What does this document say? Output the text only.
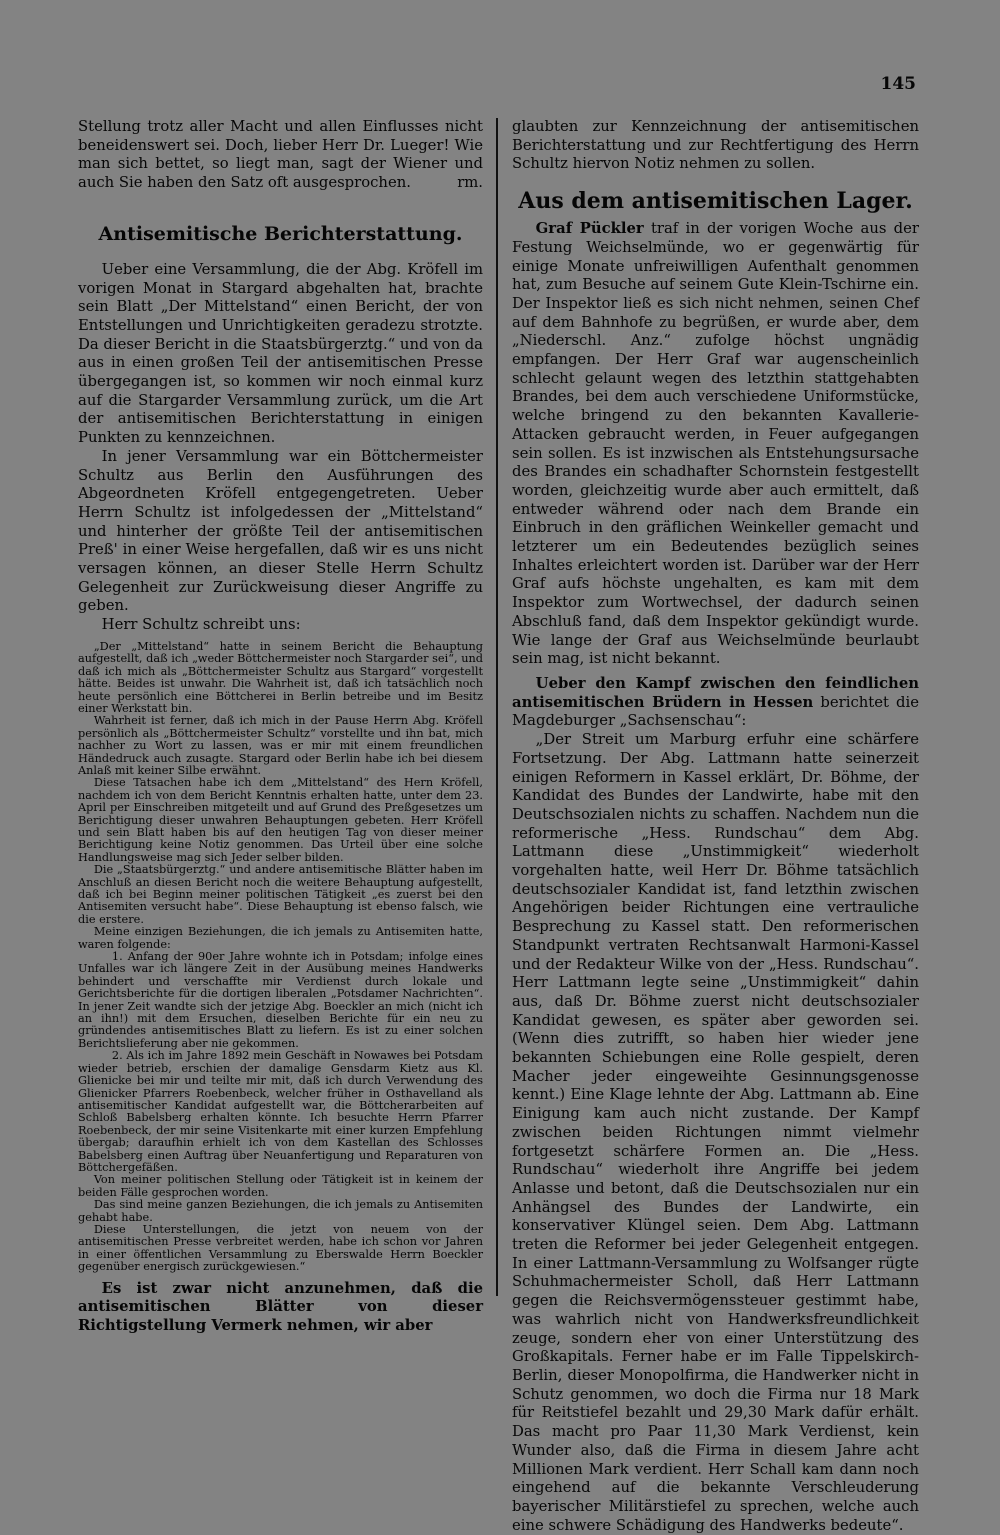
145

Stellung trotz aller Macht und allen Einflusses nicht beneidenswert sei. Doch, lieber Herr Dr. Lueger! Wie man sich bettet, so liegt man, sagt der Wiener und auch Sie haben den Satz oft ausgesprochen.	rm.

Antisemitische Berichterstattung.

Ueber eine Versammlung, die der Abg. Kröfell im vorigen Monat in Stargard abgehalten hat, brachte sein Blatt „Der Mittelstand“ einen Bericht, der von Entstellungen und Unrichtigkeiten geradezu strotzte. Da dieser Bericht in die Staatsbürgerztg.“ und von da aus in einen großen Teil der antisemitischen Presse übergegangen ist, so kommen wir noch einmal kurz auf die Stargarder Versammlung zurück, um die Art der antisemitischen Berichterstattung in einigen Punkten zu kennzeichnen.

In jener Versammlung war ein Böttchermeister Schultz aus Berlin den Ausführungen des Abgeordneten Kröfell entgegengetreten. Ueber Herrn Schultz ist infolgedessen der „Mittelstand“ und hinterher der größte Teil der antisemitischen Preß' in einer Weise hergefallen, daß wir es uns nicht versagen können, an dieser Stelle Herrn Schultz Gelegenheit zur Zurückweisung dieser Angriffe zu geben.

Herr Schultz schreibt uns:

„Der „Mittelstand“ hatte in seinem Bericht die Behauptung aufgestellt, daß ich „weder Böttchermeister noch Stargarder sei“, und daß ich mich als „Böttchermeister Schultz aus Stargard“ vorgestellt hätte. Beides ist unwahr. Die Wahrheit ist, daß ich tatsächlich noch heute persönlich eine Böttcherei in Berlin betreibe und im Besitz einer Werkstatt bin.

Wahrheit ist ferner, daß ich mich in der Pause Herrn Abg. Kröfell persönlich als „Böttchermeister Schultz“ vorstellte und ihn bat, mich nachher zu Wort zu lassen, was er mir mit einem freundlichen Händedruck auch zusagte. Stargard oder Berlin habe ich bei diesem Anlaß mit keiner Silbe erwähnt.

Diese Tatsachen habe ich dem „Mittelstand“ des Hern Kröfell, nachdem ich von dem Bericht Kenntnis erhalten hatte, unter dem 23. April per Einschreiben mitgeteilt und auf Grund des Preßgesetzes um Berichtigung dieser unwahren Behauptungen gebeten. Herr Kröfell und sein Blatt haben bis auf den heutigen Tag von dieser meiner Berichtigung keine Notiz genommen. Das Urteil über eine solche Handlungsweise mag sich Jeder selber bilden.

Die „Staatsbürgerztg.“ und andere antisemitische Blätter haben im Anschluß an diesen Bericht noch die weitere Behauptung aufgestellt, daß ich bei Beginn meiner politischen Tätigkeit „es zuerst bei den Antisemiten versucht habe“. Diese Behauptung ist ebenso falsch, wie die erstere.

Meine einzigen Beziehungen, die ich jemals zu Antisemiten hatte, waren folgende:

1. Anfang der 90er Jahre wohnte ich in Potsdam; infolge eines Unfalles war ich längere Zeit in der Ausübung meines Handwerks behindert und verschaffte mir Verdienst durch lokale und Gerichtsberichte für die dortigen liberalen „Potsdamer Nachrichten“. In jener Zeit wandte sich der jetzige Abg. Boeckler an mich (nicht ich an ihn!) mit dem Ersuchen, dieselben Berichte für ein neu zu gründendes antisemitisches Blatt zu liefern. Es ist zu einer solchen Berichtslieferung aber nie gekommen.

2. Als ich im Jahre 1892 mein Geschäft in Nowawes bei Potsdam wieder betrieb, erschien der damalige Gensdarm Kietz aus Kl. Glienicke bei mir und teilte mir mit, daß ich durch Verwendung des Glienicker Pfarrers Roebenbeck, welcher früher in Osthavelland als antisemitischer Kandidat aufgestellt war, die Böttcherarbeiten auf Schloß Babelsberg erhalten könnte. Ich besuchte Herrn Pfarrer Roebenbeck, der mir seine Visitenkarte mit einer kurzen Empfehlung übergab; daraufhin erhielt ich von dem Kastellan des Schlosses Babelsberg einen Auftrag über Neuanfertigung und Reparaturen von Böttchergefäßen.

Von meiner politischen Stellung oder Tätigkeit ist in keinem der beiden Fälle gesprochen worden.

Das sind meine ganzen Beziehungen, die ich jemals zu Antisemiten gehabt habe.

Diese Unterstellungen, die jetzt von neuem von der antisemitischen Presse verbreitet werden, habe ich schon vor Jahren in einer öffentlichen Versammlung zu Eberswalde Herrn Boeckler gegenüber energisch zurückgewiesen.“

Es ist zwar nicht anzunehmen, daß die antisemitischen Blätter von dieser Richtigstellung Vermerk nehmen, wir aber

glaubten zur Kennzeichnung der antisemitischen Berichterstattung und zur Rechtfertigung des Herrn Schultz hiervon Notiz nehmen zu sollen.

Aus dem antisemitischen Lager.

Graf Pückler traf in der vorigen Woche aus der Festung Weichselmünde, wo er gegenwärtig für einige Monate unfreiwilligen Aufenthalt genommen hat, zum Besuche auf seinem Gute Klein-Tschirne ein. Der Inspektor ließ es sich nicht nehmen, seinen Chef auf dem Bahnhofe zu begrüßen, er wurde aber, dem „Niederschl. Anz.“ zufolge höchst ungnädig empfangen. Der Herr Graf war augenscheinlich schlecht gelaunt wegen des letzthin stattgehabten Brandes, bei dem auch verschiedene Uniformstücke, welche bringend zu den bekannten Kavallerie-Attacken gebraucht werden, in Feuer aufgegangen sein sollen. Es ist inzwischen als Entstehungsursache des Brandes ein schadhafter Schornstein festgestellt worden, gleichzeitig wurde aber auch ermittelt, daß entweder während oder nach dem Brande ein Einbruch in den gräflichen Weinkeller gemacht und letzterer um ein Bedeutendes bezüglich seines Inhaltes erleichtert worden ist. Darüber war der Herr Graf aufs höchste ungehalten, es kam mit dem Inspektor zum Wortwechsel, der dadurch seinen Abschluß fand, daß dem Inspektor gekündigt wurde. Wie lange der Graf aus Weichselmünde beurlaubt sein mag, ist nicht bekannt.

Ueber den Kampf zwischen den feindlichen antisemitischen Brüdern in Hessen berichtet die Magdeburger „Sachsenschau“:

„Der Streit um Marburg erfuhr eine schärfere Fortsetzung. Der Abg. Lattmann hatte seinerzeit einigen Reformern in Kassel erklärt, Dr. Böhme, der Kandidat des Bundes der Landwirte, habe mit den Deutschsozialen nichts zu schaffen. Nachdem nun die reformerische „Hess. Rundschau“ dem Abg. Lattmann diese „Unstimmigkeit“ wiederholt vorgehalten hatte, weil Herr Dr. Böhme tatsächlich deutschsozialer Kandidat ist, fand letzthin zwischen Angehörigen beider Richtungen eine vertrauliche Besprechung zu Kassel statt. Den reformerischen Standpunkt vertraten Rechtsanwalt Harmoni-Kassel und der Redakteur Wilke von der „Hess. Rundschau“. Herr Lattmann legte seine „Unstimmigkeit“ dahin aus, daß Dr. Böhme zuerst nicht deutschsozialer Kandidat gewesen, es später aber geworden sei. (Wenn dies zutrifft, so haben hier wieder jene bekannten Schiebungen eine Rolle gespielt, deren Macher jeder eingeweihte Gesinnungsgenosse kennt.) Eine Klage lehnte der Abg. Lattmann ab. Eine Einigung kam auch nicht zustande. Der Kampf zwischen beiden Richtungen nimmt vielmehr fortgesetzt schärfere Formen an. Die „Hess. Rundschau“ wiederholt ihre Angriffe bei jedem Anlasse und betont, daß die Deutschsozialen nur ein Anhängsel des Bundes der Landwirte, ein konservativer Klüngel seien. Dem Abg. Lattmann treten die Reformer bei jeder Gelegenheit entgegen. In einer Lattmann-Versammlung zu Wolfsanger rügte Schuhmachermeister Scholl, daß Herr Lattmann gegen die Reichsvermögenssteuer gestimmt habe, was wahrlich nicht von Handwerksfreundlichkeit zeuge, sondern eher von einer Unterstützung des Großkapitals. Ferner habe er im Falle Tippelskirch-Berlin, dieser Monopolfirma, die Handwerker nicht in Schutz genommen, wo doch die Firma nur 18 Mark für Reitstiefel bezahlt und 29,30 Mark dafür erhält. Das macht pro Paar 11,30 Mark Verdienst, kein Wunder also, daß die Firma in diesem Jahre acht Millionen Mark verdient. Herr Schall kam dann noch eingehend auf die bekannte Verschleuderung bayerischer Militärstiefel zu sprechen, welche auch eine schwere Schädigung des Handwerks bedeute“.
